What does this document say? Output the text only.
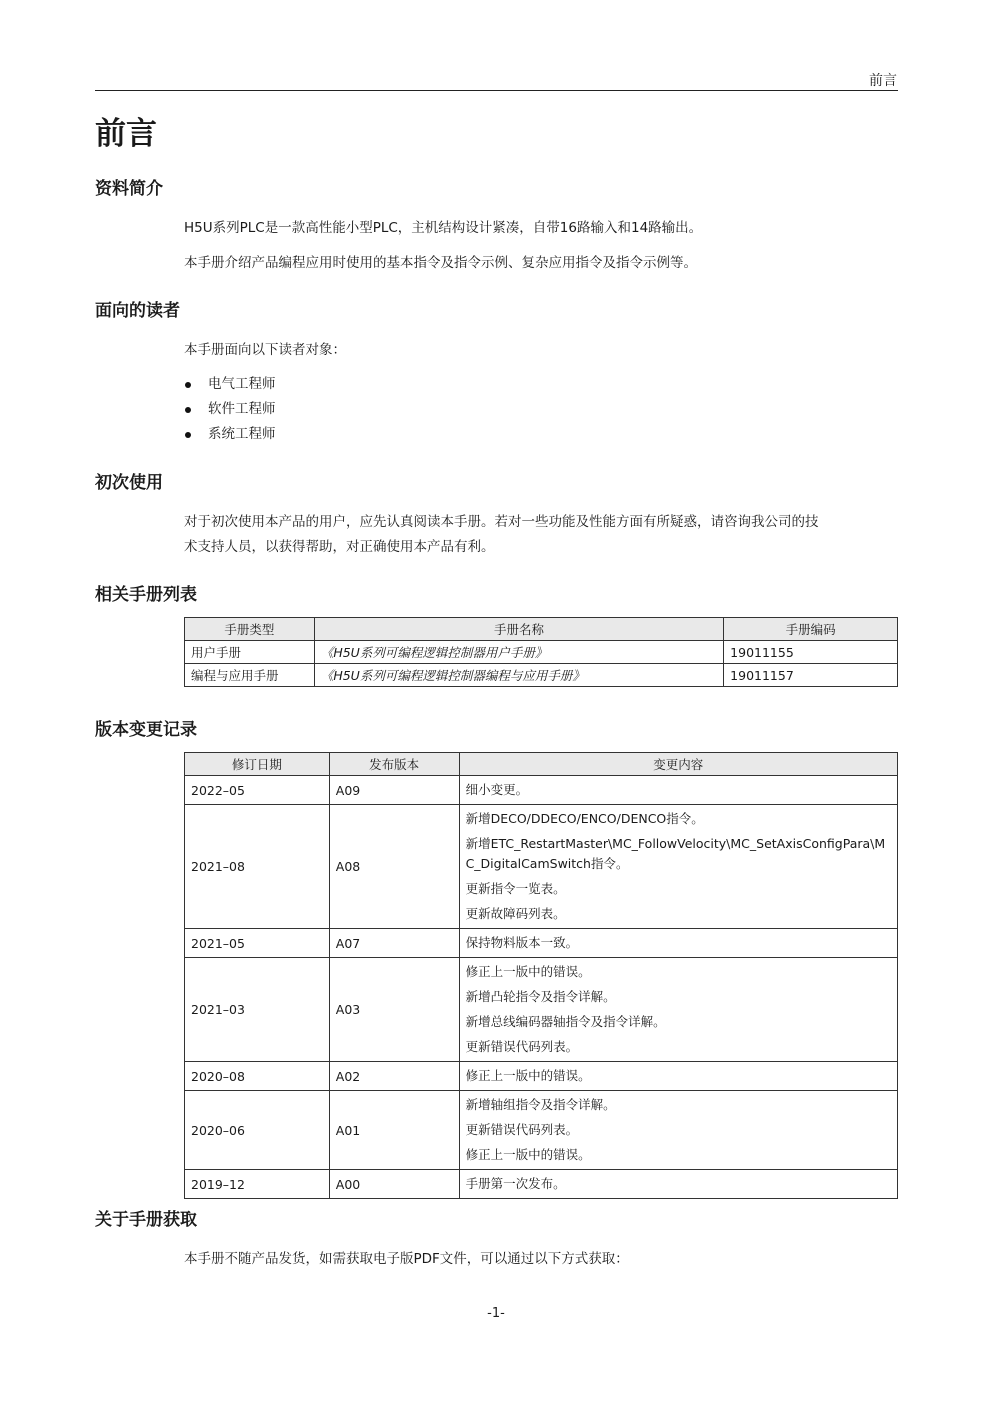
前言
前言
资料简介

H5U系列PLC是一款高性能小型PLC，主机结构设计紧凑，自带16路输入和14路输出。

本手册介绍产品编程应用时使用的基本指令及指令示例、复杂应用指令及指令示例等。

面向的读者

本手册面向以下读者对象：

电气工程师
软件工程师
系统工程师
初次使用

对于初次使用本产品的用户，应先认真阅读本手册。若对一些功能及性能方面有所疑惑，请咨询我公司的技

术支持人员，以获得帮助，对正确使用本产品有利。

相关手册列表
手册类型	手册名称	手册编码
用户手册	《H5U系列可编程逻辑控制器用户手册》	19011155
编程与应用手册	《H5U系列可编程逻辑控制器编程与应用手册》	19011157
版本变更记录
修订日期	发布版本	变更内容
2022–05	A09	细小变更。

2021–08	A08	新增DECO/DDECO/ENCO/DENCO指令。
新增ETC_RestartMaster\MC_FollowVelocity\MC_SetAxisConfigPara\MC_DigitalCamSwitch指令。
更新指令一览表。
更新故障码列表。

2021–05	A07	保持物料版本一致。

2021–03	A03	修正上一版中的错误。
新增凸轮指令及指令详解。
新增总线编码器轴指令及指令详解。
更新错误代码列表。

2020–08	A02	修正上一版中的错误。

2020–06	A01	新增轴组指令及指令详解。
更新错误代码列表。
修正上一版中的错误。

2019–12	A00	手册第一次发布。
关于手册获取

本手册不随产品发货，如需获取电子版PDF文件，可以通过以下方式获取：

-1-
